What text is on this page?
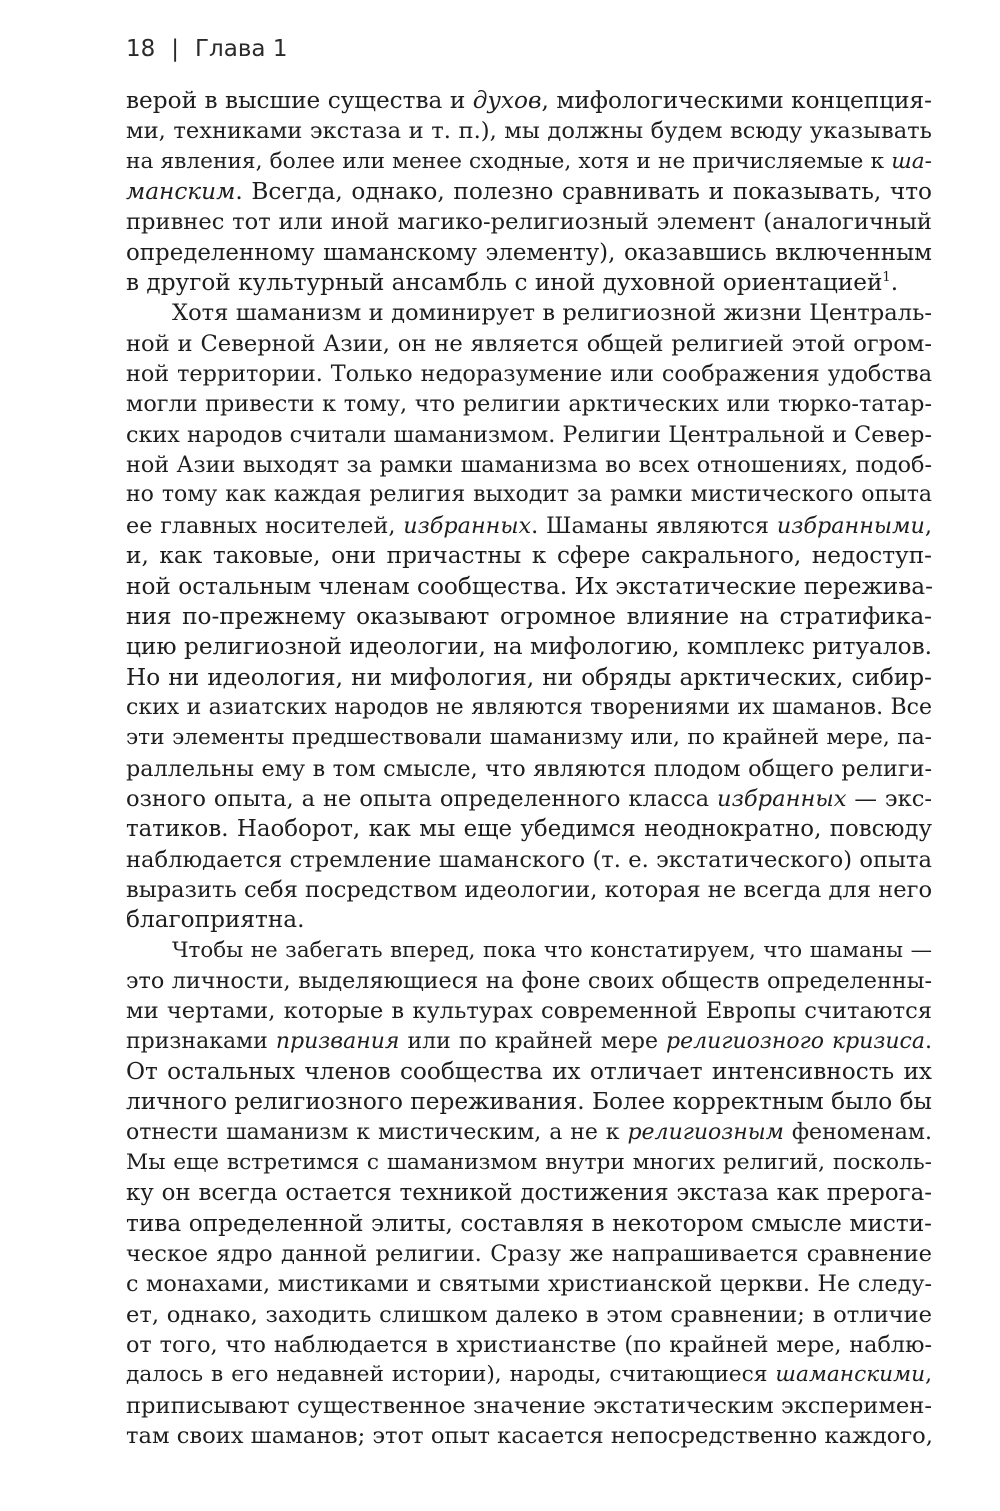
18 | Глава 1
верой в высшие существа и духов, мифологическими концепция-
ми, техниками экстаза и т. п.), мы должны будем всюду указывать
на явления, более или менее сходные, хотя и не причисляемые к ша-
манским. Всегда, однако, полезно сравнивать и показывать, что
привнес тот или иной магико-религиозный элемент (аналогичный
определенному шаманскому элементу), оказавшись включенным
в другой культурный ансамбль с иной духовной ориентацией$^1$.
Хотя шаманизм и доминирует в религиозной жизни Централь-
ной и Северной Азии, он не является общей религией этой огром-
ной территории. Только недоразумение или соображения удобства
могли привести к тому, что религии арктических или тюрко-татар-
ских народов считали шаманизмом. Религии Центральной и Север-
ной Азии выходят за рамки шаманизма во всех отношениях, подоб-
но тому как каждая религия выходит за рамки мистического опыта
ее главных носителей, избранных. Шаманы являются избранными,
и, как таковые, они причастны к сфере сакрального, недоступ-
ной остальным членам сообщества. Их экстатические пережива-
ния по-прежнему оказывают огромное влияние на стратифика-
цию религиозной идеологии, на мифологию, комплекс ритуалов.
Но ни идеология, ни мифология, ни обряды арктических, сибир-
ских и азиатских народов не являются творениями их шаманов. Все
эти элементы предшествовали шаманизму или, по крайней мере, па-
раллельны ему в том смысле, что являются плодом общего религи-
озного опыта, а не опыта определенного класса избранных — экс-
татиков. Наоборот, как мы еще убедимся неоднократно, повсюду
наблюдается стремление шаманского (т. е. экстатического) опыта
выразить себя посредством идеологии, которая не всегда для него
благоприятна.
Чтобы не забегать вперед, пока что констатируем, что шаманы —
это личности, выделяющиеся на фоне своих обществ определенны-
ми чертами, которые в культурах современной Европы считаются
признаками призвания или по крайней мере религиозного кризиса.
От остальных членов сообщества их отличает интенсивность их
личного религиозного переживания. Более корректным было бы
отнести шаманизм к мистическим, а не к религиозным феноменам.
Мы еще встретимся с шаманизмом внутри многих религий, посколь-
ку он всегда остается техникой достижения экстаза как прерога-
тива определенной элиты, составляя в некотором смысле мисти-
ческое ядро данной религии. Сразу же напрашивается сравнение
с монахами, мистиками и святыми христианской церкви. Не следу-
ет, однако, заходить слишком далеко в этом сравнении; в отличие
от того, что наблюдается в христианстве (по крайней мере, наблю-
далось в его недавней истории), народы, считающиеся шаманскими,
приписывают существенное значение экстатическим эксперимен-
там своих шаманов; этот опыт касается непосредственно каждого,
